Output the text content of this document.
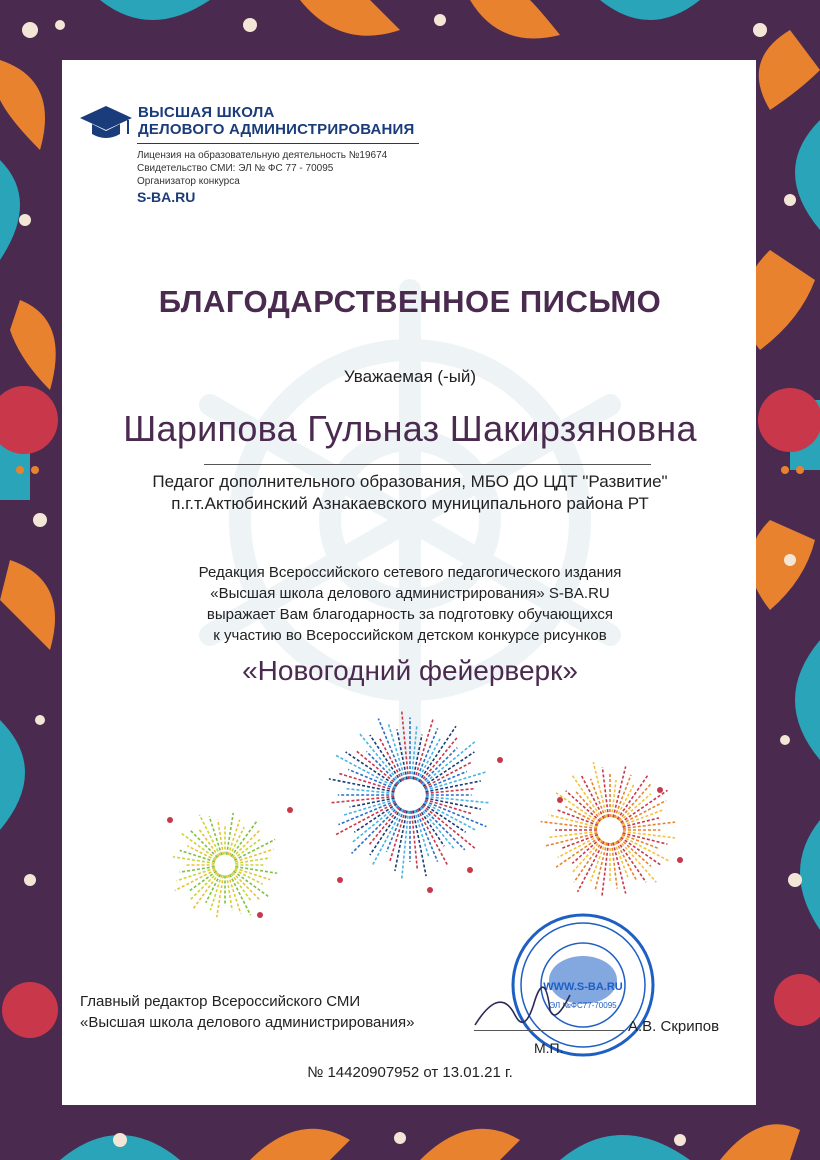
ВЫСШАЯ ШКОЛА
ДЕЛОВОГО АДМИНИСТРИРОВАНИЯ
Лицензия на образовательную деятельность №19674
Свидетельство СМИ: ЭЛ № ФС 77 - 70095
Организатор конкурса
S-BA.RU
БЛАГОДАРСТВЕННОЕ ПИСЬМО
Уважаемая (-ый)
Шарипова Гульназ Шакирзяновна
Педагог дополнительного образования, МБО ДО ЦДТ "Развитие"
п.г.т.Актюбинский Азнакаевского муниципального района РТ
Редакция Всероссийского сетевого педагогического издания
«Высшая школа делового администрирования» S-BA.RU
выражает Вам благодарность за подготовку обучающихся
к участию во Всероссийском детском конкурсе рисунков
«Новогодний фейерверк»
WWW.S-BA.RU
ЭЛ №ФС77-70095
Главный редактор Всероссийского СМИ
«Высшая школа делового администрирования»	А.В. Скрипов
М.П.
№ 14420907952 от 13.01.21 г.
